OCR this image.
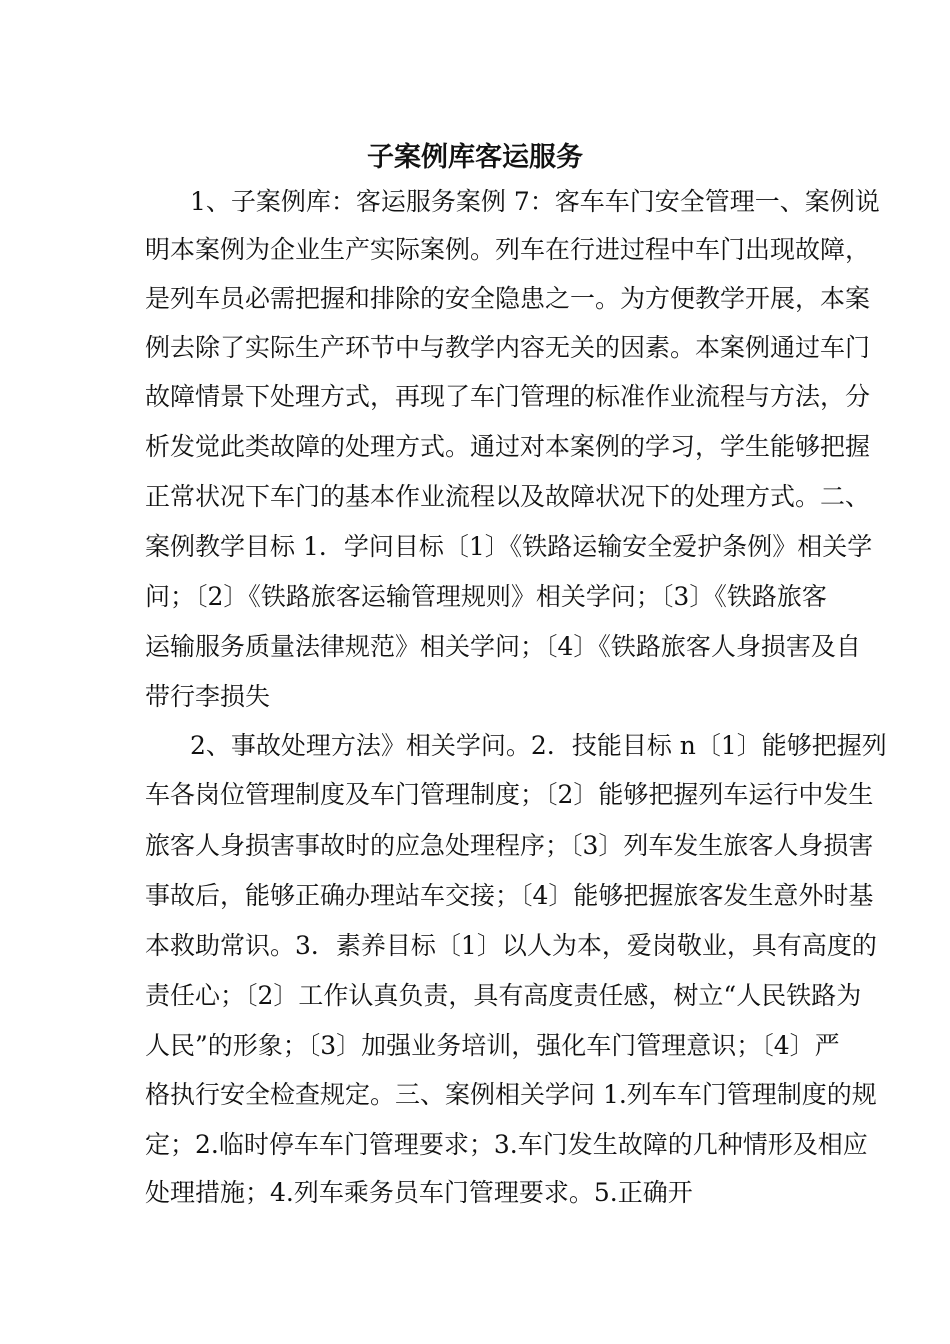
子案例库客运服务
1、子案例库：客运服务案例 7：客车车门安全管理一、案例说
明本案例为企业生产实际案例。列车在行进过程中车门出现故障，
是列车员必需把握和排除的安全隐患之一。为方便教学开展，本案
例去除了实际生产环节中与教学内容无关的因素。本案例通过车门
故障情景下处理方式，再现了车门管理的标准作业流程与方法，分
析发觉此类故障的处理方式。通过对本案例的学习，学生能够把握
正常状况下车门的基本作业流程以及故障状况下的处理方式。二、
案例教学目标 1．学问目标〔1〕《铁路运输安全爱护条例》相关学
问；〔2〕《铁路旅客运输管理规则》相关学问；〔3〕《铁路旅客
运输服务质量法律规范》相关学问；〔4〕《铁路旅客人身损害及自
带行李损失
2、事故处理方法》相关学问。2．技能目标 n〔1〕能够把握列
车各岗位管理制度及车门管理制度；〔2〕能够把握列车运行中发生
旅客人身损害事故时的应急处理程序；〔3〕列车发生旅客人身损害
事故后，能够正确办理站车交接；〔4〕能够把握旅客发生意外时基
本救助常识。3．素养目标〔1〕以人为本，爱岗敬业，具有高度的
责任心；〔2〕工作认真负责，具有高度责任感，树立“人民铁路为
人民”的形象；〔3〕加强业务培训，强化车门管理意识；〔4〕严
格执行安全检查规定。三、案例相关学问 1.列车车门管理制度的规
定；2.临时停车车门管理要求；3.车门发生故障的几种情形及相应
处理措施；4.列车乘务员车门管理要求。5.正确开
